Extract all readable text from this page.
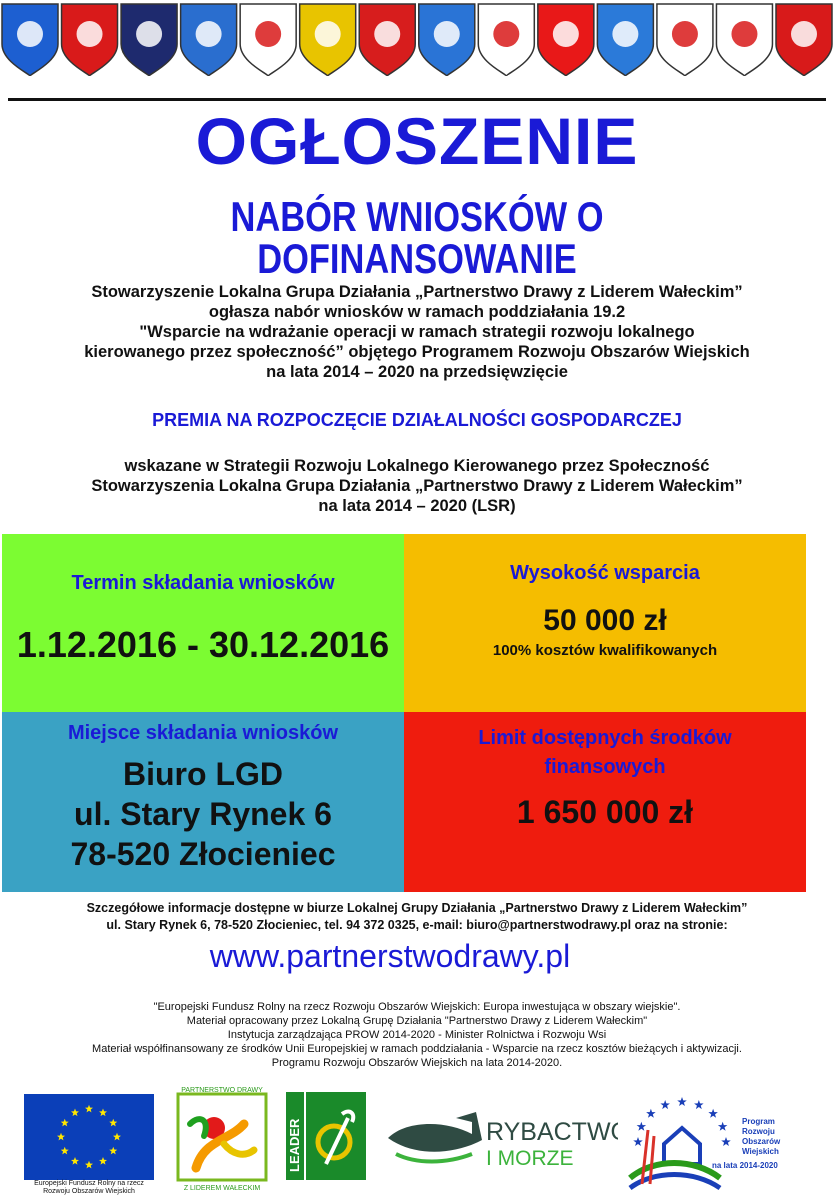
OGŁOSZENIE
NABÓR WNIOSKÓW O DOFINANSOWANIE
Stowarzyszenie Lokalna Grupa Działania „Partnerstwo Drawy z Liderem Wałeckim”
ogłasza nabór wniosków w ramach poddziałania 19.2
"Wsparcie na wdrażanie operacji w ramach strategii rozwoju lokalnego
kierowanego przez społeczność” objętego Programem Rozwoju Obszarów Wiejskich
na lata 2014 – 2020 na przedsięwzięcie
PREMIA NA ROZPOCZĘCIE DZIAŁALNOŚCI GOSPODARCZEJ
wskazane w Strategii Rozwoju Lokalnego Kierowanego przez Społeczność
Stowarzyszenia Lokalna Grupa Działania „Partnerstwo Drawy z Liderem Wałeckim”
na lata 2014 – 2020 (LSR)
Termin składania wniosków
1.12.2016 - 30.12.2016
Wysokość wsparcia
50 000 zł
100% kosztów kwalifikowanych
Miejsce składania wniosków
Biuro LGD
ul. Stary Rynek 6
78-520 Złocieniec
Limit dostępnych środków
finansowych
1 650 000 zł
Szczegółowe informacje dostępne w biurze Lokalnej Grupy Działania „Partnerstwo Drawy z Liderem Wałeckim”
ul. Stary Rynek 6, 78-520 Złocieniec, tel. 94 372 0325, e-mail: biuro@partnerstwodrawy.pl oraz na stronie:
www.partnerstwodrawy.pl
"Europejski Fundusz Rolny na rzecz Rozwoju Obszarów Wiejskich: Europa inwestująca w obszary wiejskie".
Materiał opracowany przez Lokalną Grupę Działania "Partnerstwo Drawy z Liderem Wałeckim"
Instytucja zarządzająca PROW 2014-2020 - Minister Rolnictwa i Rozwoju Wsi
Materiał współfinansowany ze środków Unii Europejskiej w ramach poddziałania - Wsparcie na rzecz kosztów bieżących i aktywizacji.
Programu Rozwoju Obszarów Wiejskich na lata 2014-2020.
Europejski Fundusz Rolny na rzecz
Rozwoju Obszarów Wiejskich
PARTNERSTWO DRAWY
Z LIDEREM WAŁECKIM
LEADER	RYBACTWO
I MORZE
Program
Rozwoju
Obszarów
Wiejskich
na lata 2014-2020
